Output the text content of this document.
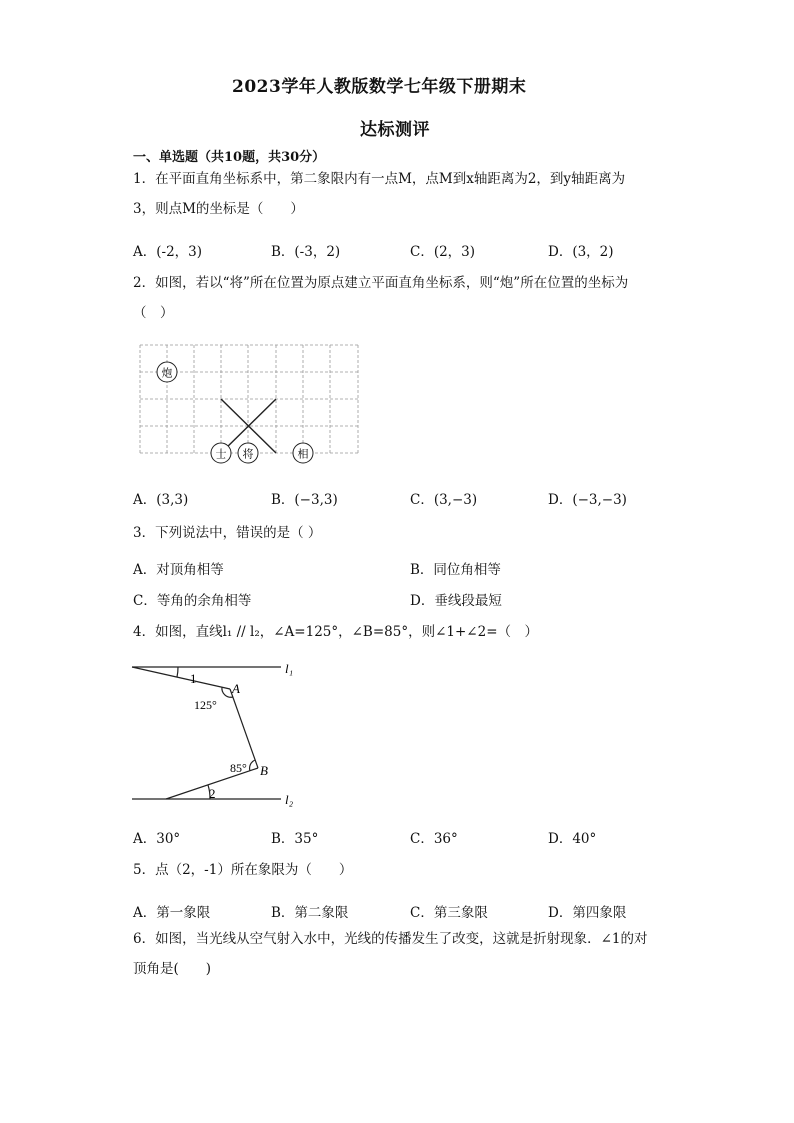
2023学年人教版数学七年级下册期末
达标测评
一、单选题（共10题，共30分）
1．在平面直角坐标系中，第二象限内有一点M，点M到x轴距离为2，到y轴距离为
3，则点M的坐标是（　　）
A．(-2，3)	B．(-3，2)	C．(2，3)	D．(3，2)
2．如图，若以“将”所在位置为原点建立平面直角坐标系，则“炮”所在位置的坐标为
（　）
炮
士 将	相
A．(3,3)	B．(−3,3)	C．(3,−3)	D．(−3,−3)
3．下列说法中，错误的是（ ）
A．对顶角相等	B．同位角相等
C．等角的余角相等	D．垂线段最短
4．如图，直线l₁ // l₂，∠A=125°，∠B=85°，则∠1+∠2=（　）
1
A
125°
85° B
2
l₁
l₂
A．30°	B．35°	C．36°	D．40°
5．点（2，-1）所在象限为（　　）
A．第一象限	B．第二象限	C．第三象限	D．第四象限
6．如图，当光线从空气射入水中，光线的传播发生了改变，这就是折射现象．∠1的对
顶角是(　　)
